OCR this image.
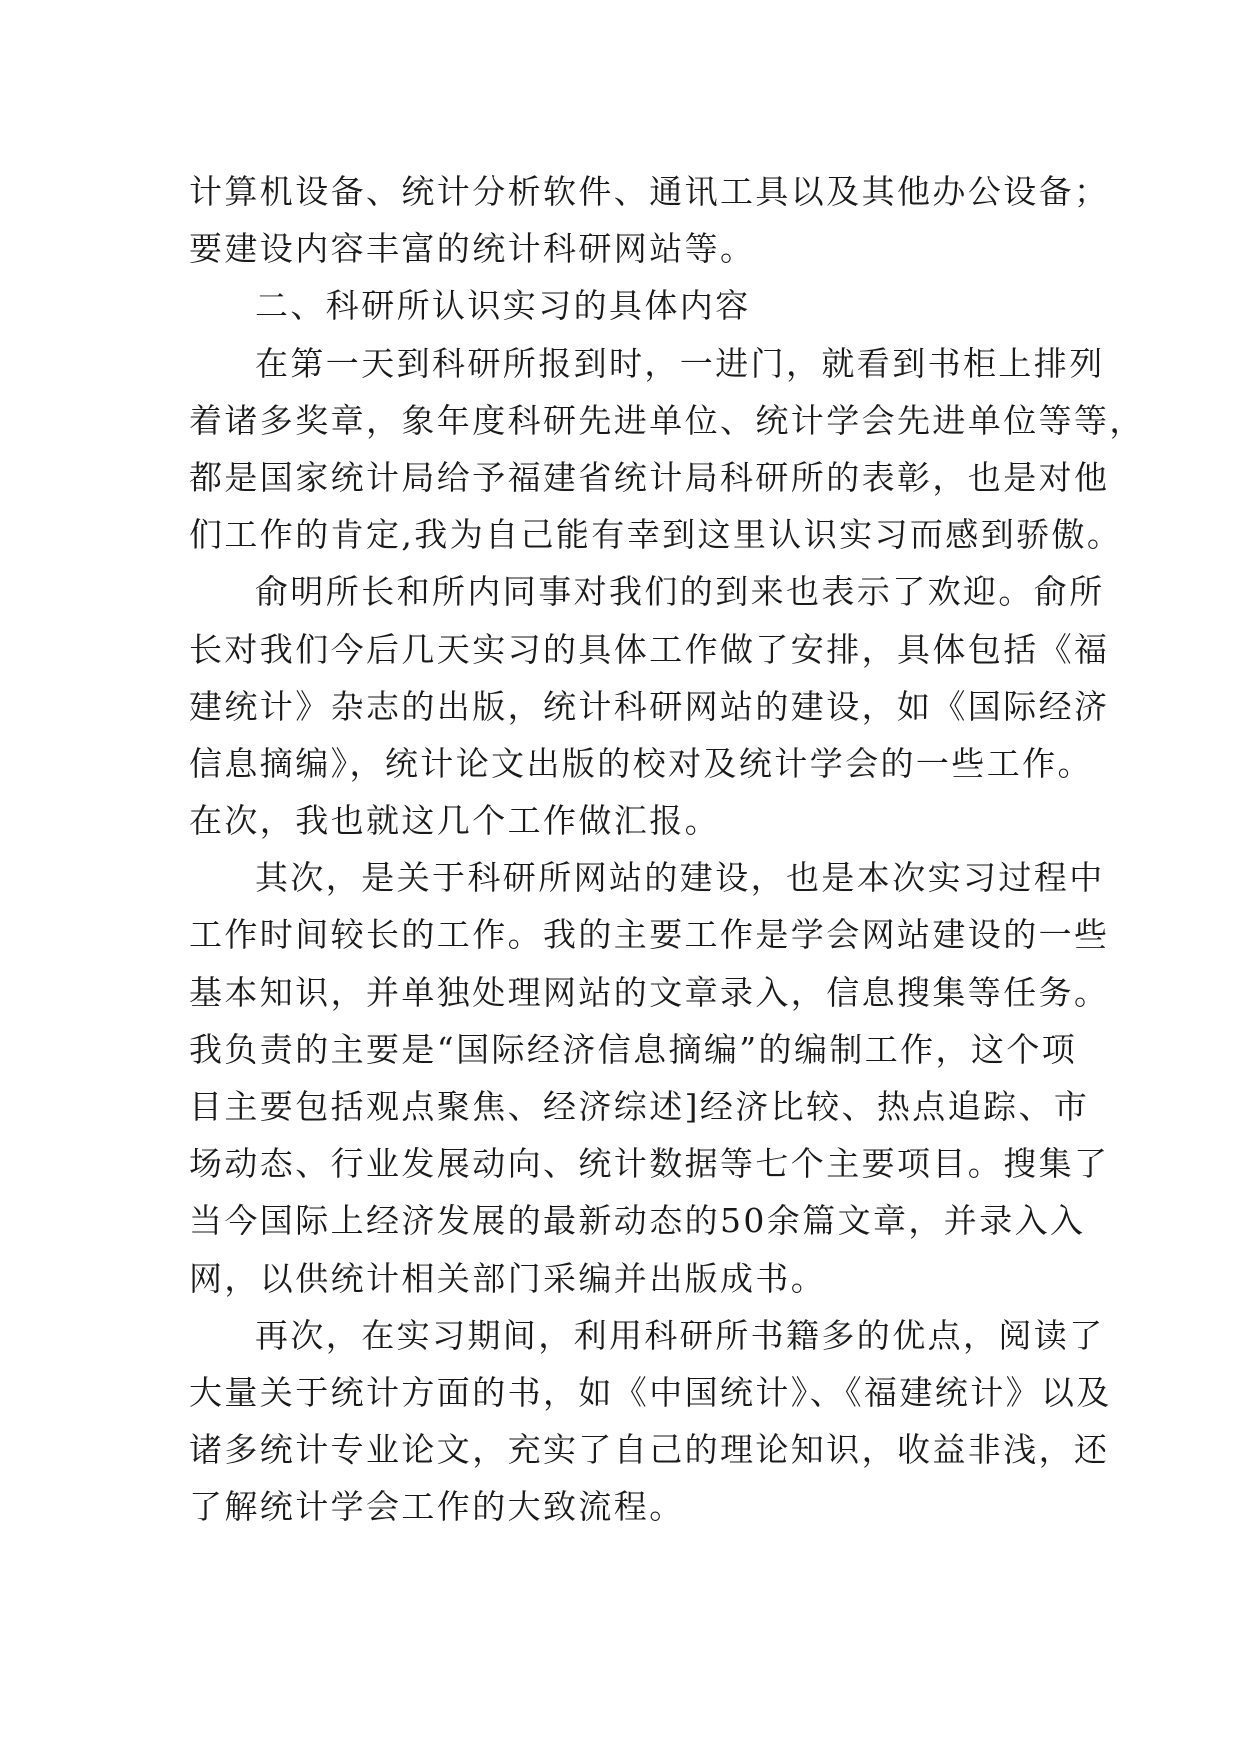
计算机设备、统计分析软件、通讯工具以及其他办公设备；
要建设内容丰富的统计科研网站等。
二、科研所认识实习的具体内容
在第一天到科研所报到时，一进门，就看到书柜上排列
着诸多奖章，象年度科研先进单位、统计学会先进单位等等，
都是国家统计局给予福建省统计局科研所的表彰，也是对他
们工作的肯定,我为自己能有幸到这里认识实习而感到骄傲。
俞明所长和所内同事对我们的到来也表示了欢迎。俞所
长对我们今后几天实习的具体工作做了安排，具体包括《福
建统计》杂志的出版，统计科研网站的建设，如《国际经济
信息摘编》，统计论文出版的校对及统计学会的一些工作。
在次，我也就这几个工作做汇报。
其次，是关于科研所网站的建设，也是本次实习过程中
工作时间较长的工作。我的主要工作是学会网站建设的一些
基本知识，并单独处理网站的文章录入，信息搜集等任务。
我负责的主要是“国际经济信息摘编”的编制工作，这个项
目主要包括观点聚焦、经济综述]经济比较、热点追踪、市
场动态、行业发展动向、统计数据等七个主要项目。搜集了
当今国际上经济发展的最新动态的50余篇文章，并录入入
网，以供统计相关部门采编并出版成书。
再次，在实习期间，利用科研所书籍多的优点，阅读了
大量关于统计方面的书，如《中国统计》、《福建统计》以及
诸多统计专业论文，充实了自己的理论知识，收益非浅，还
了解统计学会工作的大致流程。
